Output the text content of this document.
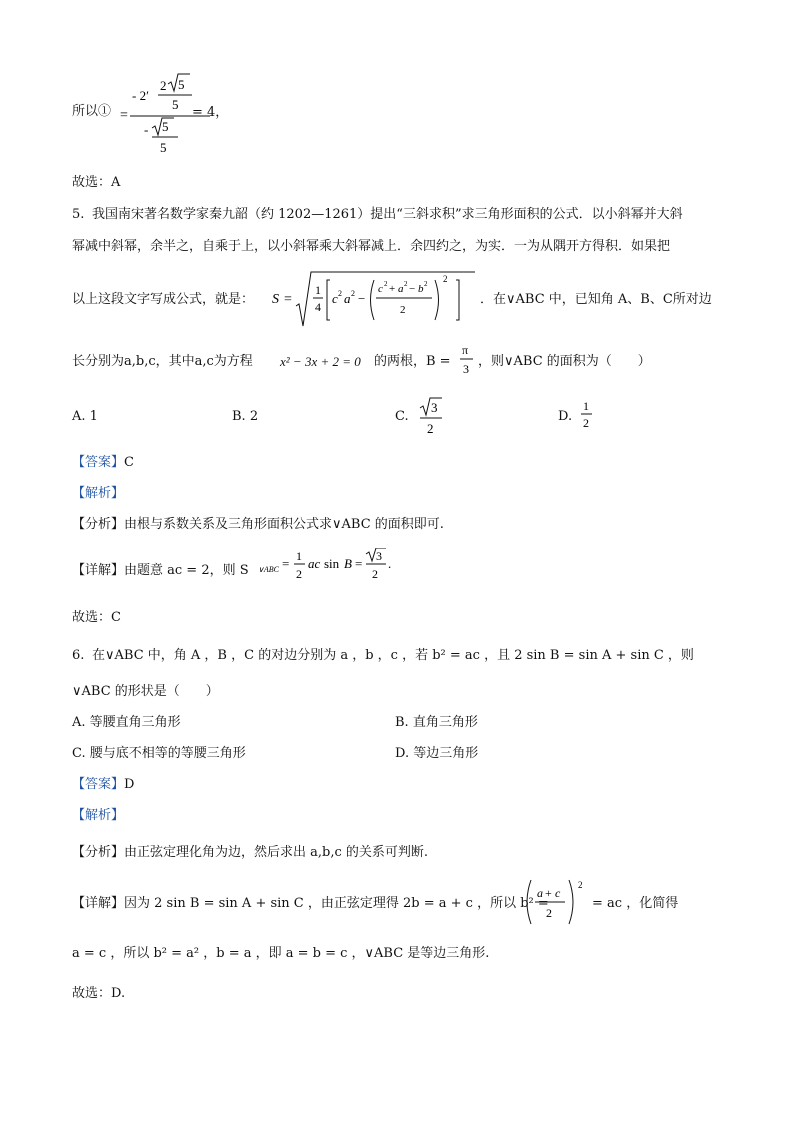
所以① =
- 2′
2 5
5
- 5
5
= 4，
故选：A
5. 我国南宋著名数学家秦九韶（约 1202—1261）提出“三斜求积”求三角形面积的公式．以小斜幂并大斜
幂减中斜幂，余半之，自乘于上，以小斜幂乘大斜幂减上．余四约之，为实．一为从隅开方得积．如果把
以上这段文字写成公式，就是： S =
1
4
c 2 a 2 −
c 2 + a 2 − b 2
2
2
．在∨ABC 中，已知角 A、B、C所对边
长分别为a,b,c，其中a,c为方程 x² − 3x + 2 = 0 的两根，B =
π
3 ，则∨ABC 的面积为（　　）
A. 1	B. 2	C.
3
2
D.
1
2
【答案】C
【解析】
【分析】由根与系数关系及三角形面积公式求∨ABC 的面积即可.
【详解】由题意 ac = 2，则 S ∨ABC = 1
2
ac sin B = 3
2
.
故选：C
6. 在∨ABC 中，角 A ，B ，C 的对边分别为 a ，b ，c ，若 b² = ac ，且 2 sin B = sin A + sin C ，则
∨ABC 的形状是（　　）
A. 等腰直角三角形	B. 直角三角形
C. 腰与底不相等的等腰三角形	D. 等边三角形
【答案】D
【解析】
【分析】由正弦定理化角为边，然后求出 a,b,c 的关系可判断.
【详解】因为 2 sin B = sin A + sin C ，由正弦定理得 2b = a + c ，所以 b² =
a + c
2
2
= ac ，化简得
a = c ，所以 b² = a² ，b = a ，即 a = b = c ，∨ABC 是等边三角形.
故选：D.
